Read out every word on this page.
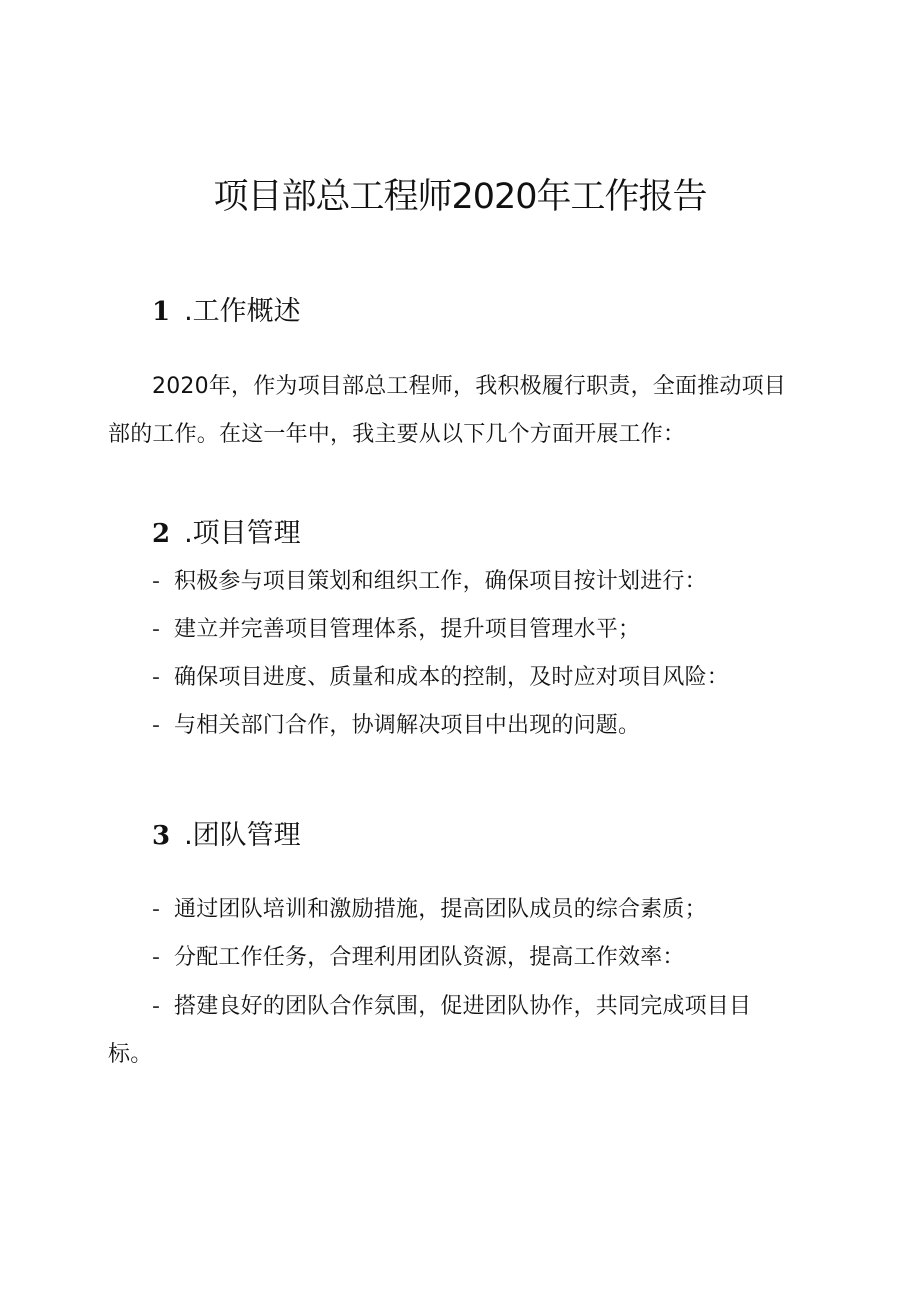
项目部总工程师2020年工作报告
1 .工作概述
2020年，作为项目部总工程师，我积极履行职责，全面推动项目
部的工作。在这一年中，我主要从以下几个方面开展工作：
2 .项目管理
- 积极参与项目策划和组织工作，确保项目按计划进行：
- 建立并完善项目管理体系，提升项目管理水平；
- 确保项目进度、质量和成本的控制，及时应对项目风险：
- 与相关部门合作，协调解决项目中出现的问题。
3 .团队管理
- 通过团队培训和激励措施，提高团队成员的综合素质；
- 分配工作任务，合理利用团队资源，提高工作效率：
- 搭建良好的团队合作氛围，促进团队协作，共同完成项目目
标。
